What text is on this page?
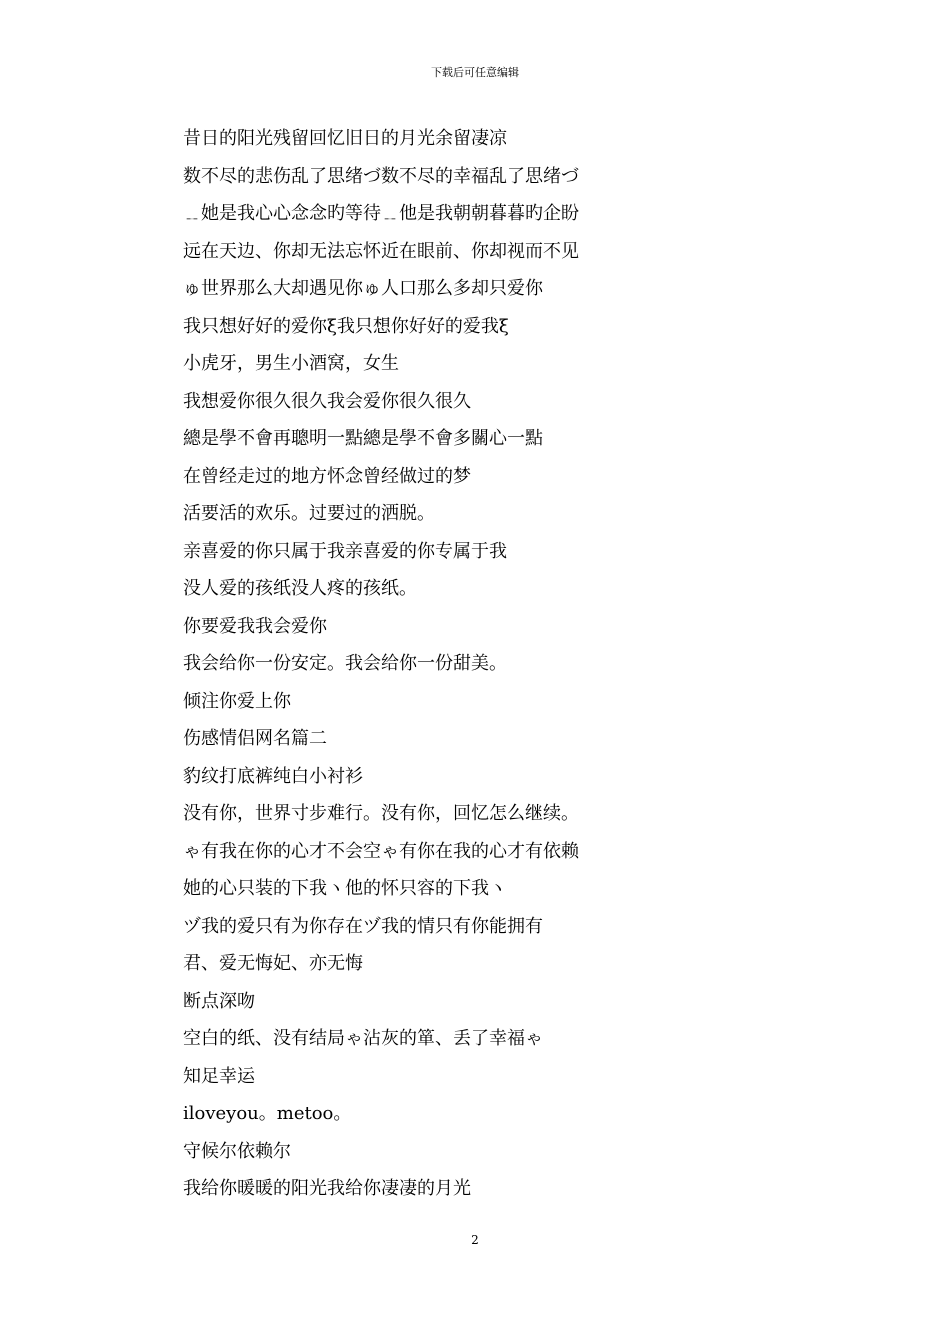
下载后可任意编辑
昔日的阳光残留回忆旧日的月光余留凄凉
数不尽的悲伤乱了思绪づ数不尽的幸福乱了思绪づ
﹎她是我心心念念旳等待﹎他是我朝朝暮暮旳企盼
远在天边、你却无法忘怀近在眼前、你却视而不见
ゅ世界那么大却遇见你ゅ人口那么多却只爱你
我只想好好的爱你ξ我只想你好好的爱我ξ
小虎牙，男生小酒窝，女生
我想爱你很久很久我会爱你很久很久
總是學不會再聰明一點總是學不會多關心一點
在曾经走过的地方怀念曾经做过的梦
活要活的欢乐。过要过的洒脱。
亲喜爱的你只属于我亲喜爱的你专属于我
没人爱的孩纸没人疼的孩纸。
你要爱我我会爱你
我会给你一份安定。我会给你一份甜美。
倾注你爱上你
伤感情侣网名篇二
豹纹打底裤纯白小衬衫
没有你，世界寸步难行。没有你，回忆怎么继续。
ゃ有我在你的心才不会空ゃ有你在我的心才有依赖
她的心只装的下我ヽ他的怀只容的下我ヽ
ヅ我的爱只有为你存在ヅ我的情只有你能拥有
君、爱无悔妃、亦无悔
断点深吻
空白的纸、没有结局ゃ沾灰的箪、丢了幸福ゃ
知足幸运
iloveyou。metoo。
守候尔依赖尔
我给你暖暖的阳光我给你凄凄的月光
2
